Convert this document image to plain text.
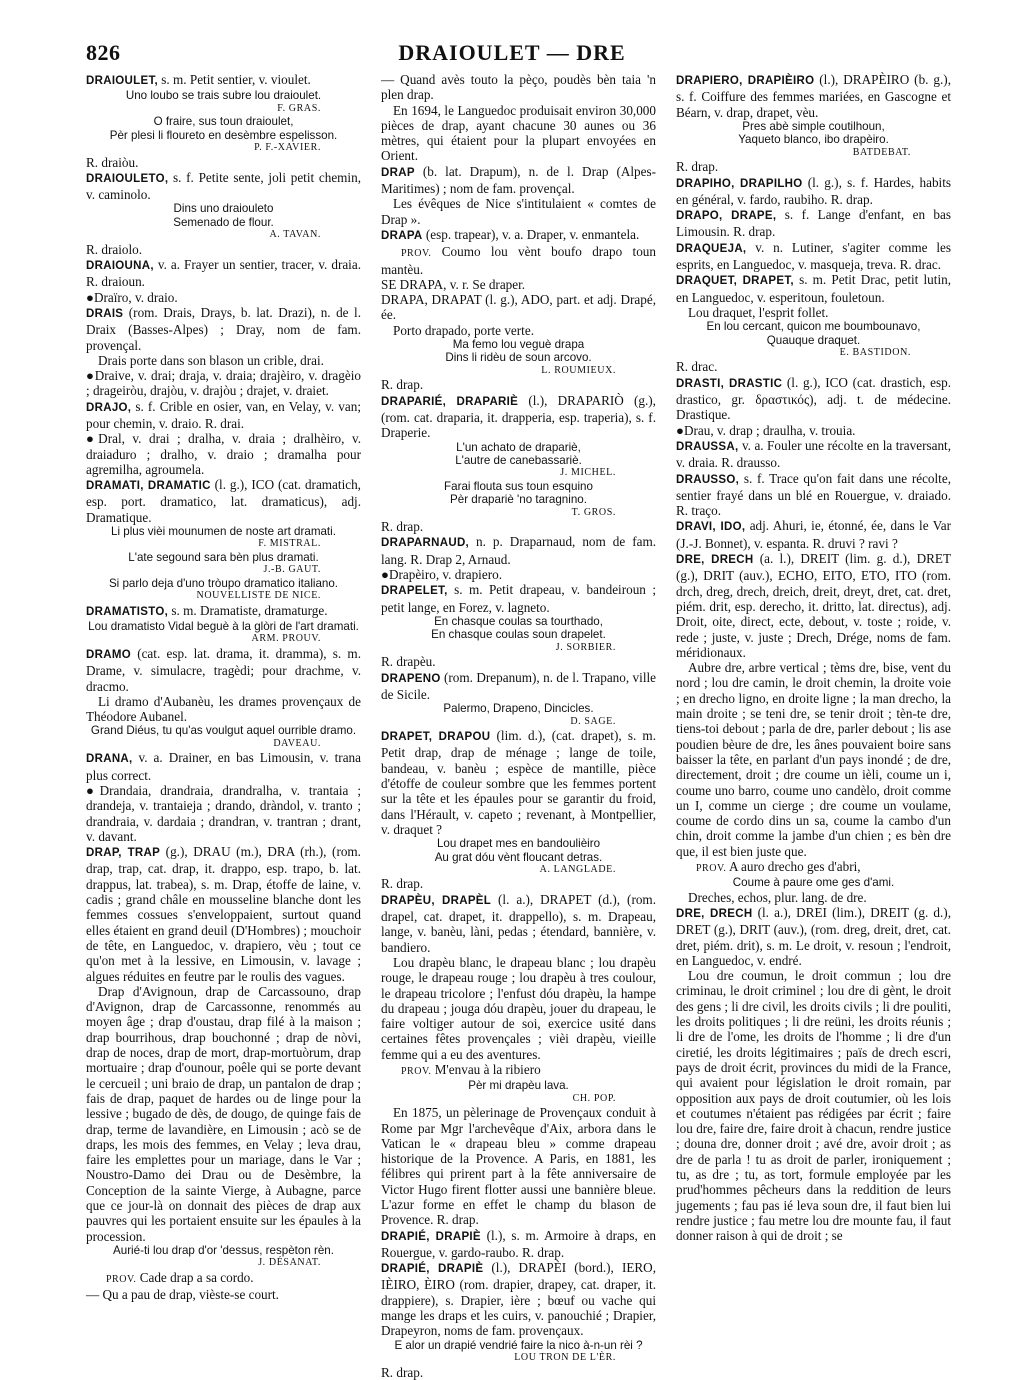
826	DRAIOULET — DRE

DRAIOULET, s. m. Petit sentier, v. vioulet.

Uno loubo se trais subre lou draioulet.

F. GRAS.

O fraire, sus toun draioulet,

Pèr plesi li floureto en desèmbre espelisson.

P. F.-XAVIER.

R. draiòu.

DRAIOULETO, s. f. Petite sente, joli petit chemin, v. caminolo.

Dins uno draiouleto

Semenado de flour.

A. TAVAN.

R. draiolo.

DRAIOUNA, v. a. Frayer un sentier, tracer, v. draia. R. draioun.

●Draïro, v. draio.

DRAIS (rom. Drais, Drays, b. lat. Drazi), n. de l. Draix (Basses-Alpes) ; Dray, nom de fam. provençal.

Drais porte dans son blason un crible, drai.

●Draive, v. drai; draja, v. draia; drajèiro, v. dragèio ; drageiròu, drajòu, v. drajòu ; drajet, v. draiet.

DRAJO, s. f. Crible en osier, van, en Velay, v. van; pour chemin, v. draio. R. drai.

●Dral, v. drai ; dralha, v. draia ; dralhèiro, v. draiaduro ; dralho, v. draio ; dramalha pour agremilha, agroumela.

DRAMATI, DRAMATIC (l. g.), ICO (cat. dramatich, esp. port. dramatico, lat. dramaticus), adj. Dramatique.

Li plus vièi mounumen de noste art dramati.

F. MISTRAL.

L'ate segound sara bèn plus dramati.

J.-B. GAUT.

Si parlo deja d'uno tròupo dramatico italiano.

NOUVELLISTE DE NICE.

DRAMATISTO, s. m. Dramatiste, dramaturge.

Lou dramatisto Vidal beguè à la glòri de l'art dramati.

ARM. PROUV.

DRAMO (cat. esp. lat. drama, it. dramma), s. m. Drame, v. simulacre, tragèdi; pour drachme, v. dracmo.

Li dramo d'Aubanèu, les drames provençaux de Théodore Aubanel.

Grand Diéus, tu qu'as voulgut aquel ourrible dramo.

DAVEAU.

DRANA, v. a. Drainer, en bas Limousin, v. trana plus correct.

●Drandaia, drandraia, drandralha, v. trantaia ; drandeja, v. trantaieja ; drando, dràndol, v. tranto ; drandraia, v. dardaia ; drandran, v. trantran ; drant, v. davant.

DRAP, TRAP (g.), DRAU (m.), DRA (rh.), (rom. drap, trap, cat. drap, it. drappo, esp. trapo, b. lat. drappus, lat. trabea), s. m. Drap, étoffe de laine, v. cadis ; grand châle en mousseline blanche dont les femmes cossues s'enveloppaient, surtout quand elles étaient en grand deuil (D'Hombres) ; mouchoir de tête, en Languedoc, v. drapiero, vèu ; tout ce qu'on met à la lessive, en Limousin, v. lavage ; algues réduites en feutre par le roulis des vagues.

Drap d'Avignoun, drap de Carcassouno, drap d'Avignon, drap de Carcassonne, renommés au moyen âge ; drap d'oustau, drap filé à la maison ; drap bourrihous, drap bouchonné ; drap de nòvi, drap de noces, drap de mort, drap-mortuòrum, drap mortuaire ; drap d'ounour, poêle qui se porte devant le cercueil ; uni braio de drap, un pantalon de drap ; fais de drap, paquet de hardes ou de linge pour la lessive ; bugado de dès, de dougo, de quinge fais de drap, terme de lavandière, en Limousin ; acò se de draps, les mois des femmes, en Velay ; leva drau, faire les emplettes pour un mariage, dans le Var ; Noustro-Damo dei Drau ou de Desèmbre, la Conception de la sainte Vierge, à Aubagne, parce que ce jour-là on donnait des pièces de drap aux pauvres qui les portaient ensuite sur les épaules à la procession.

Aurié-ti lou drap d'or 'dessus, respèton rèn.

J. DÉSANAT.

PROV. Cade drap a sa cordo.

— Qu a pau de drap, vièste-se court.

— Quand avès touto la pèço, poudès bèn taia 'n plen drap.

En 1694, le Languedoc produisait environ 30,000 pièces de drap, ayant chacune 30 aunes ou 36 mètres, qui étaient pour la plupart envoyées en Orient.

DRAP (b. lat. Drapum), n. de l. Drap (Alpes-Maritimes) ; nom de fam. provençal.

Les évêques de Nice s'intitulaient « comtes de Drap ».

DRAPA (esp. trapear), v. a. Draper, v. enmantela.

PROV. Coumo lou vènt boufo drapo toun mantèu.

SE DRAPA, v. r. Se draper.

DRAPA, DRAPAT (l. g.), ADO, part. et adj. Drapé, ée.

Porto drapado, porte verte.

Ma femo lou veguè drapa

Dins li ridèu de soun arcovo.

L. ROUMIEUX.

R. drap.

DRAPARIÉ, DRAPARIÈ (l.), DRAPARIÒ (g.), (rom. cat. draparia, it. drapperia, esp. traperia), s. f. Draperie.

L'un achato de drapariè,

L'autre de canebassariè.

J. MICHEL.

Farai flouta sus toun esquino

Pèr drapariè 'no taragnino.

T. GROS.

R. drap.

DRAPARNAUD, n. p. Draparnaud, nom de fam. lang. R. Drap 2, Arnaud.

●Drapèiro, v. drapiero.

DRAPELET, s. m. Petit drapeau, v. bandeiroun ; petit lange, en Forez, v. lagneto.

En chasque coulas sa tourthado,

En chasque coulas soun drapelet.

J. SORBIER.

R. drapèu.

DRAPENO (rom. Drepanum), n. de l. Trapano, ville de Sicile.

Palermo, Drapeno, Dincicles.

D. SAGE.

DRAPET, DRAPOU (lim. d.), (cat. drapet), s. m. Petit drap, drap de ménage ; lange de toile, bandeau, v. banèu ; espèce de mantille, pièce d'étoffe de couleur sombre que les femmes portent sur la tête et les épaules pour se garantir du froid, dans l'Hérault, v. capeto ; revenant, à Montpellier, v. draquet ?

Lou drapet mes en bandoulièiro

Au grat dóu vènt floucant detras.

A. LANGLADE.

R. drap.

DRAPÈU, DRAPÈL (l. a.), DRAPET (d.), (rom. drapel, cat. drapet, it. drappello), s. m. Drapeau, lange, v. banèu, làni, pedas ; étendard, bannière, v. bandiero.

Lou drapèu blanc, le drapeau blanc ; lou drapèu rouge, le drapeau rouge ; lou drapèu à tres coulour, le drapeau tricolore ; l'enfust dóu drapèu, la hampe du drapeau ; jouga dóu drapèu, jouer du drapeau, le faire voltiger autour de soi, exercice usité dans certaines fêtes provençales ; vièi drapèu, vieille femme qui a eu des aventures.

PROV. M'envau à la ribiero

Pèr mi drapèu lava.

CH. POP.

En 1875, un pèlerinage de Provençaux conduit à Rome par Mgr l'archevêque d'Aix, arbora dans le Vatican le « drapeau bleu » comme drapeau historique de la Provence. A Paris, en 1881, les félibres qui prirent part à la fête anniversaire de Victor Hugo firent flotter aussi une bannière bleue. L'azur forme en effet le champ du blason de Provence. R. drap.

DRAPIÉ, DRAPIÈ (l.), s. m. Armoire à draps, en Rouergue, v. gardo-raubo. R. drap.

DRAPIÉ, DRAPIÈ (l.), DRAPÈI (bord.), IERO, IÈIRO, ÈIRO (rom. drapier, drapey, cat. draper, it. drappiere), s. Drapier, ière ; bœuf ou vache qui mange les draps et les cuirs, v. panouchié ; Drapier, Drapeyron, noms de fam. provençaux.

E alor un drapié vendrié faire la nico à-n-un rèi ?

LOU TRON DE L'ÈR.

R. drap.

DRAPIERO, DRAPIÈIRO (l.), DRAPÈIRO (b. g.), s. f. Coiffure des femmes mariées, en Gascogne et Béarn, v. drap, drapet, vèu.

Pres abè simple coutilhoun,

Yaqueto blanco, ibo drapèiro.

BATDEBAT.

R. drap.

DRAPIHO, DRAPILHO (l. g.), s. f. Hardes, habits en général, v. fardo, raubiho. R. drap.

DRAPO, DRAPE, s. f. Lange d'enfant, en bas Limousin. R. drap.

DRAQUEJA, v. n. Lutiner, s'agiter comme les esprits, en Languedoc, v. masqueja, treva. R. drac.

DRAQUET, DRAPET, s. m. Petit Drac, petit lutin, en Languedoc, v. esperitoun, fouletoun.

Lou draquet, l'esprit follet.

En lou cercant, quicon me boumbounavo,

Quauque draquet.

E. BASTIDON.

R. drac.

DRASTI, DRASTIC (l. g.), ICO (cat. drastich, esp. drastico, gr. δραστικός), adj. t. de médecine. Drastique.

●Drau, v. drap ; draulha, v. trouia.

DRAUSSA, v. a. Fouler une récolte en la traversant, v. draia. R. drausso.

DRAUSSO, s. f. Trace qu'on fait dans une récolte, sentier frayé dans un blé en Rouergue, v. draiado. R. traço.

DRAVI, IDO, adj. Ahuri, ie, étonné, ée, dans le Var (J.-J. Bonnet), v. espanta. R. druvi ? ravi ?

DRE, DRECH (a. l.), DREIT (lim. g. d.), DRET (g.), DRIT (auv.), ECHO, EITO, ETO, ITO (rom. drch, dreg, drech, dreich, dreit, dreyt, dret, cat. dret, piém. drit, esp. derecho, it. dritto, lat. directus), adj. Droit, oite, direct, ecte, debout, v. toste ; roide, v. rede ; juste, v. juste ; Drech, Drége, noms de fam. méridionaux.

Aubre dre, arbre vertical ; tèms dre, bise, vent du nord ; lou dre camin, le droit chemin, la droite voie ; en drecho ligno, en droite ligne ; la man drecho, la main droite ; se teni dre, se tenir droit ; tèn-te dre, tiens-toi debout ; parla de dre, parler debout ; lis ase poudien bèure de dre, les ânes pouvaient boire sans baisser la tête, en parlant d'un pays inondé ; de dre, directement, droit ; dre coume un ièli, coume un i, coume uno barro, coume uno candèlo, droit comme un I, comme un cierge ; dre coume un voulame, coume de cordo dins un sa, coume la cambo d'un chin, droit comme la jambe d'un chien ; es bèn dre que, il est bien juste que.

PROV. A auro drecho ges d'abri,

Coume à paure ome ges d'ami.

Dreches, echos, plur. lang. de dre.

DRE, DRECH (l. a.), DREI (lim.), DREIT (g. d.), DRET (g.), DRIT (auv.), (rom. dreg, dreit, dret, cat. dret, piém. drit), s. m. Le droit, v. resoun ; l'endroit, en Languedoc, v. endré.

Lou dre coumun, le droit commun ; lou dre criminau, le droit criminel ; lou dre di gènt, le droit des gens ; li dre civil, les droits civils ; li dre pouliti, les droits politiques ; li dre reüni, les droits réunis ; li dre de l'ome, les droits de l'homme ; li dre d'un ciretié, les droits légitimaires ; païs de drech escri, pays de droit écrit, provinces du midi de la France, qui avaient pour législation le droit romain, par opposition aux pays de droit coutumier, où les lois et coutumes n'étaient pas rédigées par écrit ; faire lou dre, faire dre, faire droit à chacun, rendre justice ; douna dre, donner droit ; avé dre, avoir droit ; as dre de parla ! tu as droit de parler, ironiquement ; tu, as dre ; tu, as tort, formule employée par les prud'hommes pêcheurs dans la reddition de leurs jugements ; fau pas ié leva soun dre, il faut bien lui rendre justice ; fau metre lou dre mounte fau, il faut donner raison à qui de droit ; se
